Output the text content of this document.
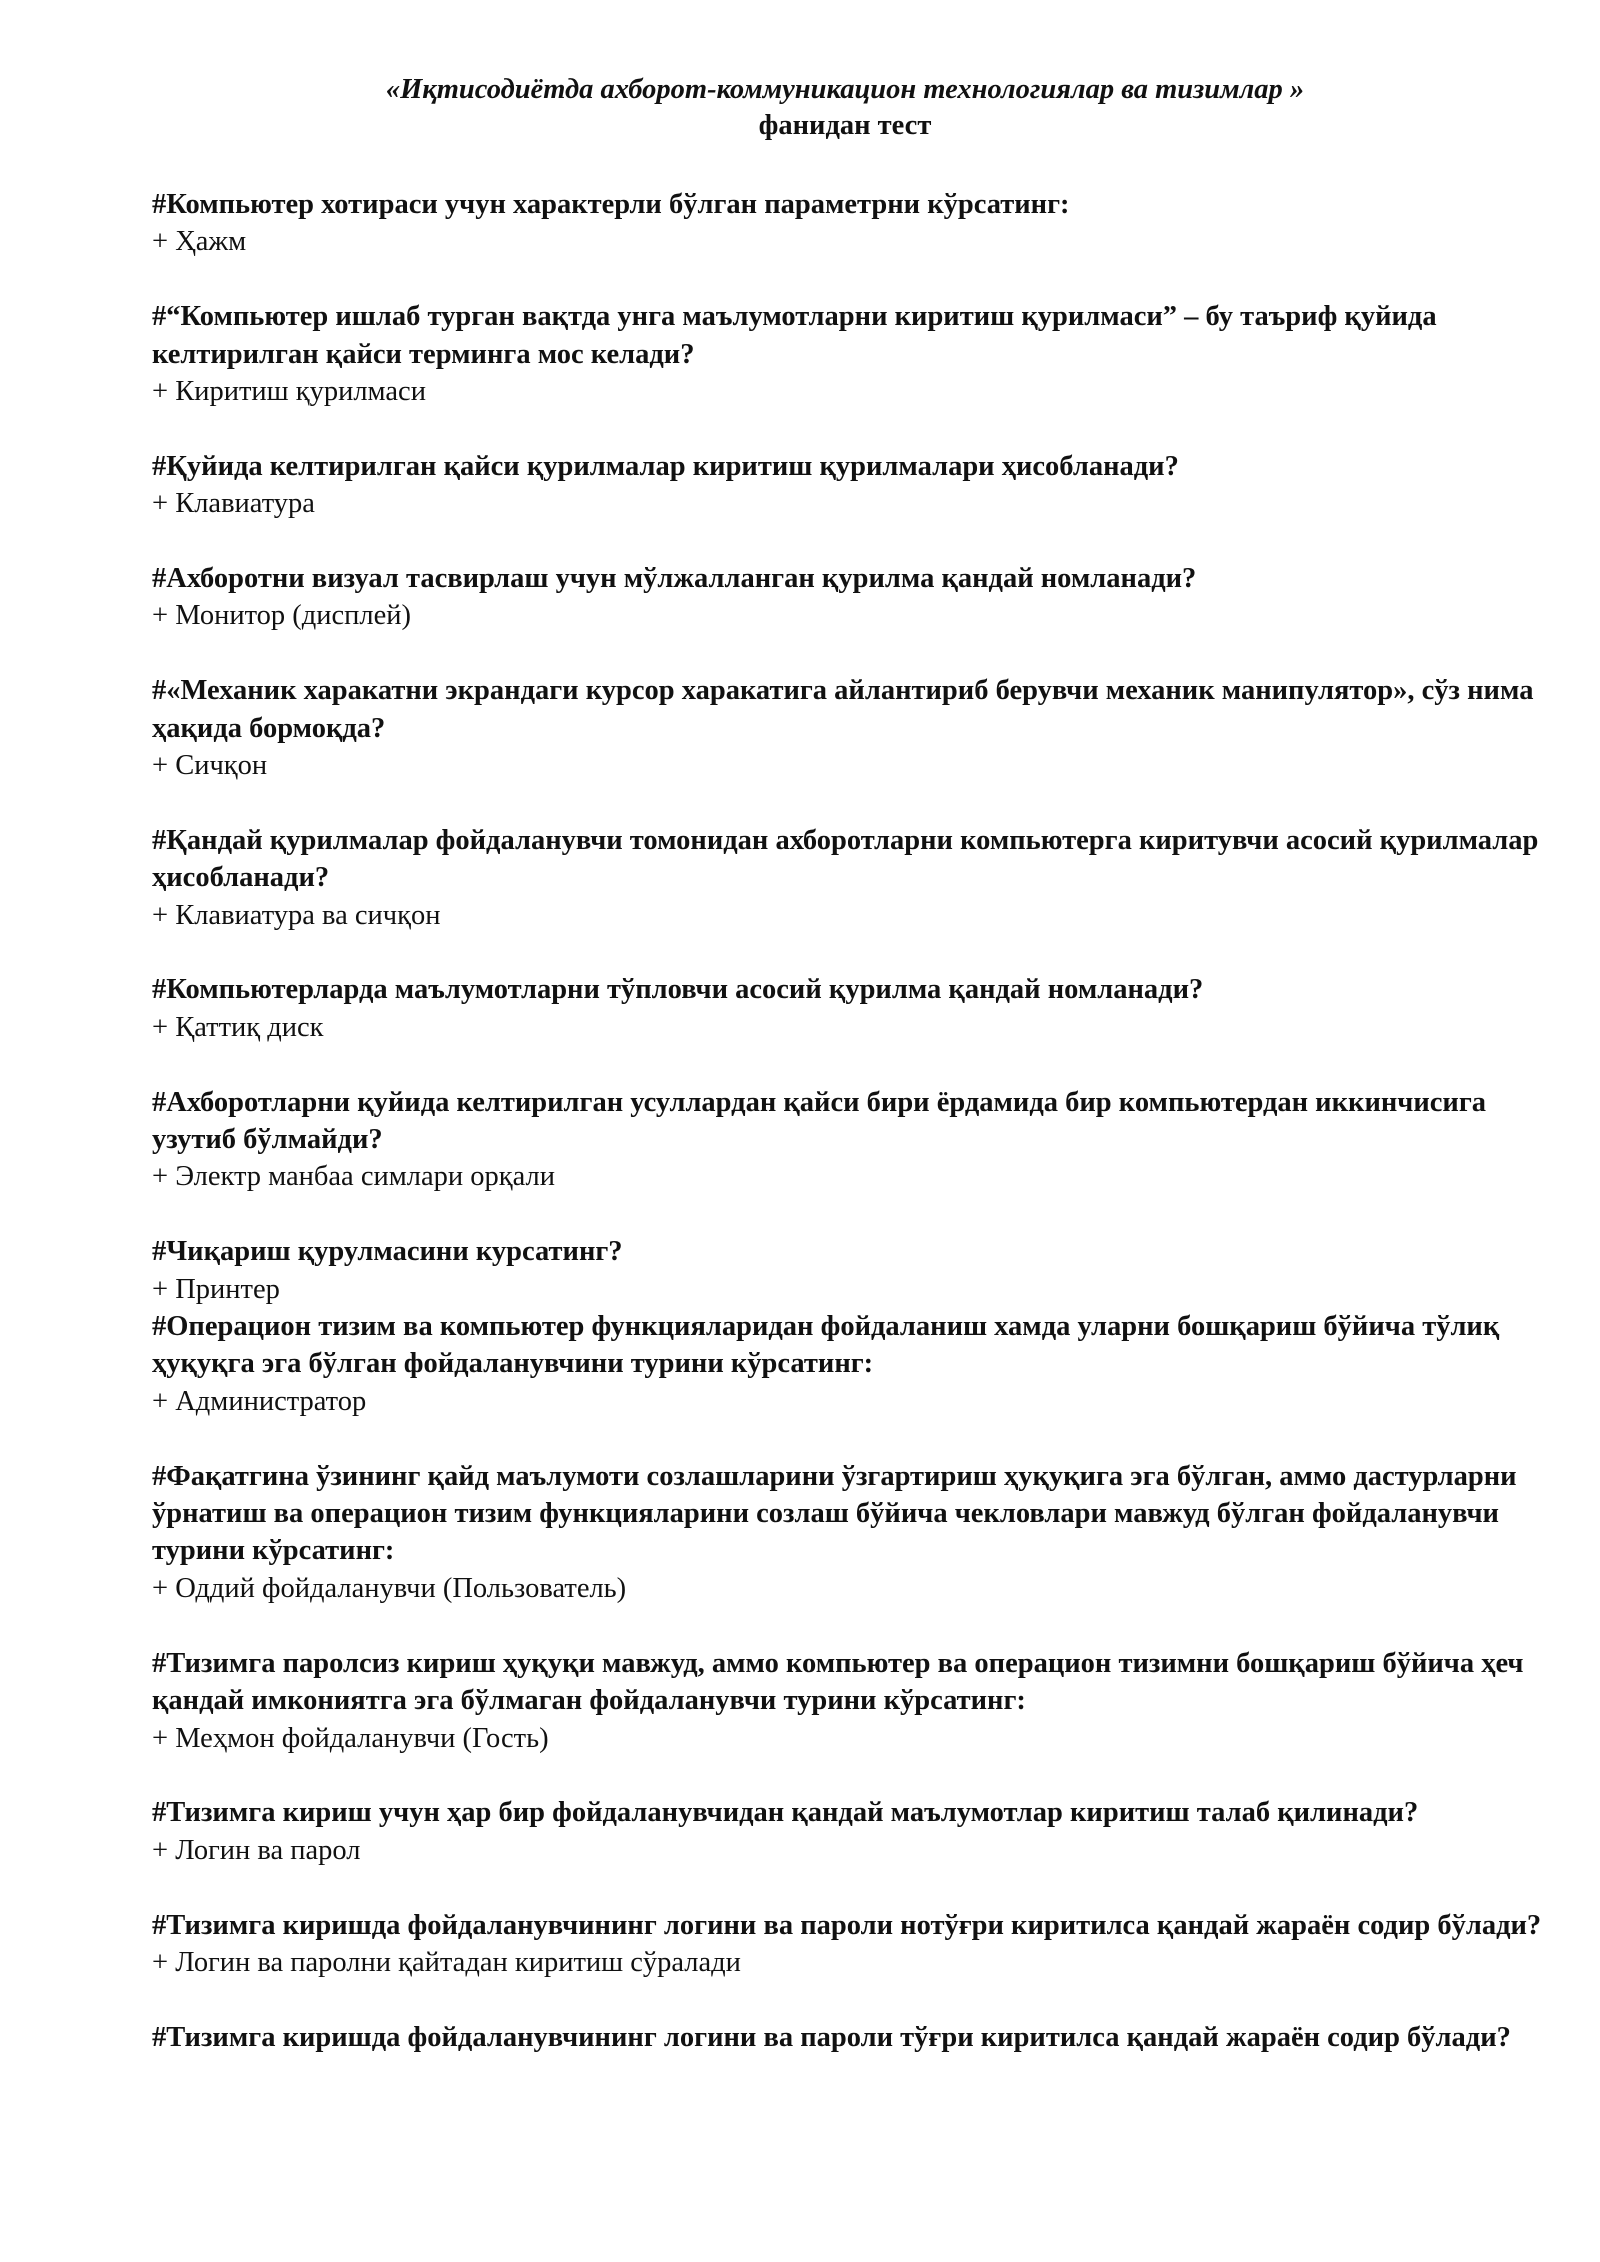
«Иқтисодиётда ахборот-коммуникацион технологиялар ва тизимлар »
фанидан тест
#Компьютер хотираси учун характерли бўлган параметрни кўрсатинг:
+ Ҳажм
#“Компьютер ишлаб турган вақтда унга маълумотларни киритиш қурилмаси” – бу таъриф қуйида келтирилган қайси терминга мос келади?
+ Киритиш қурилмаси
#Қуйида келтирилган қайси қурилмалар киритиш қурилмалари ҳисобланади?
+ Клавиатура
#Ахборотни визуал тасвирлаш учун мўлжалланган қурилма қандай номланади?
+ Монитор (дисплей)
#«Механик харакатни экрандаги курсор харакатига айлантириб берувчи механик манипулятор», сўз нима ҳақида бормоқда?
+ Сичқон
#Қандай қурилмалар фойдаланувчи томонидан ахборотларни компьютерга киритувчи асосий қурилмалар ҳисобланади?
+ Клавиатура ва сичқон
#Компьютерларда маълумотларни тўпловчи асосий қурилма қандай номланади?
+ Қаттиқ диск
#Ахборотларни қуйида келтирилган усуллардан қайси бири ёрдамида бир компьютердан иккинчисига узутиб бўлмайди?
+ Электр манбаа симлари орқали
#Чиқариш қурулмасини курсатинг?
+ Принтер
#Операцион тизим ва компьютер функцияларидан фойдаланиш хамда уларни бошқариш бўйича тўлиқ ҳуқуқга эга бўлган фойдаланувчини турини кўрсатинг:
+ Администратор
#Фақатгина ўзининг қайд маълумоти созлашларини ўзгартириш ҳуқуқига эга бўлган, аммо дастурларни ўрнатиш ва операцион тизим функцияларини созлаш бўйича чекловлари мавжуд бўлган фойдаланувчи турини кўрсатинг:
+ Оддий фойдаланувчи (Пользователь)
#Тизимга паролсиз кириш ҳуқуқи мавжуд, аммо компьютер ва операцион тизимни бошқариш бўйича ҳеч қандай имкониятга эга бўлмаган фойдаланувчи турини кўрсатинг:
+ Меҳмон фойдаланувчи (Гость)
#Тизимга кириш учун ҳар бир фойдаланувчидан қандай маълумотлар киритиш талаб қилинади?
+ Логин ва парол
#Тизимга киришда фойдаланувчининг логини ва пароли нотўғри киритилса қандай жараён содир бўлади?
+ Логин ва паролни қайтадан киритиш сўралади
#Тизимга киришда фойдаланувчининг логини ва пароли тўғри киритилса қандай жараён содир бўлади?
